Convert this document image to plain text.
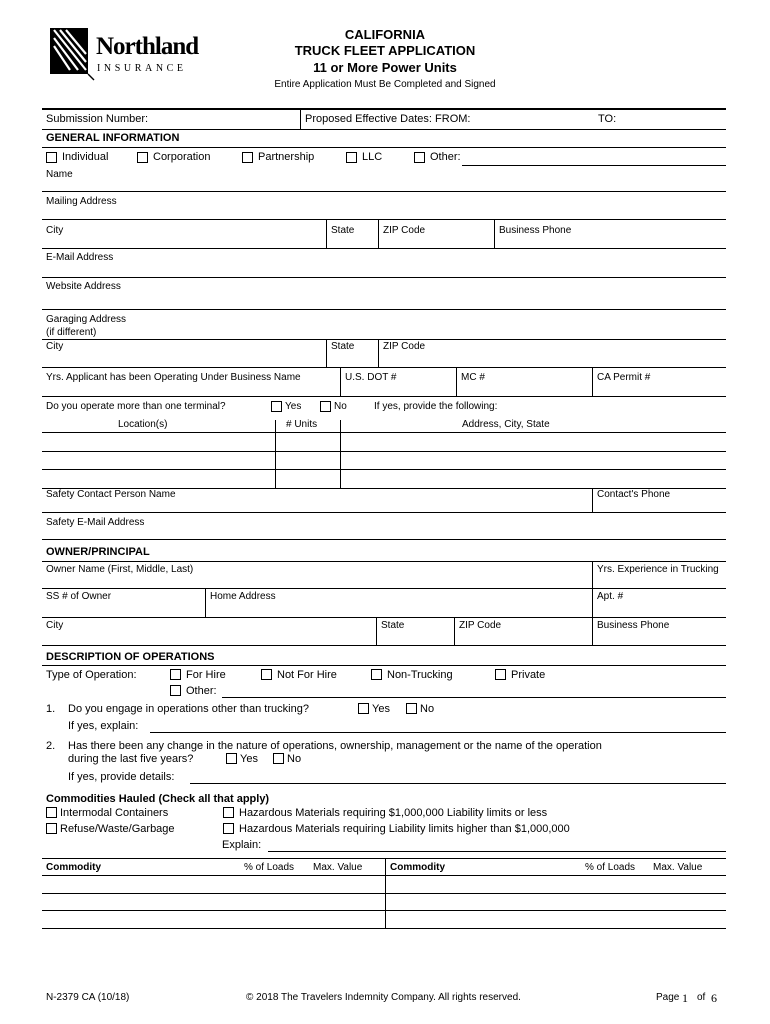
Northland
INSURANCE
CALIFORNIA
TRUCK FLEET APPLICATION
11 or More Power Units
Entire Application Must Be Completed and Signed
Submission Number:	Proposed Effective Dates: FROM:	TO:
GENERAL INFORMATION
Individual	Corporation	Partnership	LLC	Other:
Name
Mailing Address
City	State	ZIP Code	Business Phone
E-Mail Address
Website Address
Garaging Address
(if different)
City	State	ZIP Code
Yrs. Applicant has been Operating Under Business Name	U.S. DOT #	MC #	CA Permit #
Do you operate more than one terminal?	Yes	No	If yes, provide the following:
Location(s)	# Units	Address, City, State
Safety Contact Person Name	Contact's Phone
Safety E-Mail Address
OWNER/PRINCIPAL
Owner Name (First, Middle, Last)	Yrs. Experience in Trucking
SS # of Owner	Home Address	Apt. #
City	State	ZIP Code	Business Phone
DESCRIPTION OF OPERATIONS
Type of Operation:	For Hire	Not For Hire	Non-Trucking	Private
Other:
1. Do you engage in operations other than trucking?	Yes	No
If yes, explain:
2. Has there been any change in the nature of operations, ownership, management or the name of the operation
during the last five years?	Yes	No
If yes, provide details:
Commodities Hauled (Check all that apply)
Intermodal Containers
Refuse/Waste/Garbage
Hazardous Materials requiring $1,000,000 Liability limits or less
Hazardous Materials requiring Liability limits higher than $1,000,000
Explain:
Commodity	% of Loads Max. Value	Commodity	% of Loads Max. Value
N-2379 CA (10/18)	© 2018 The Travelers Indemnity Company. All rights reserved.	Page 1 of 6
